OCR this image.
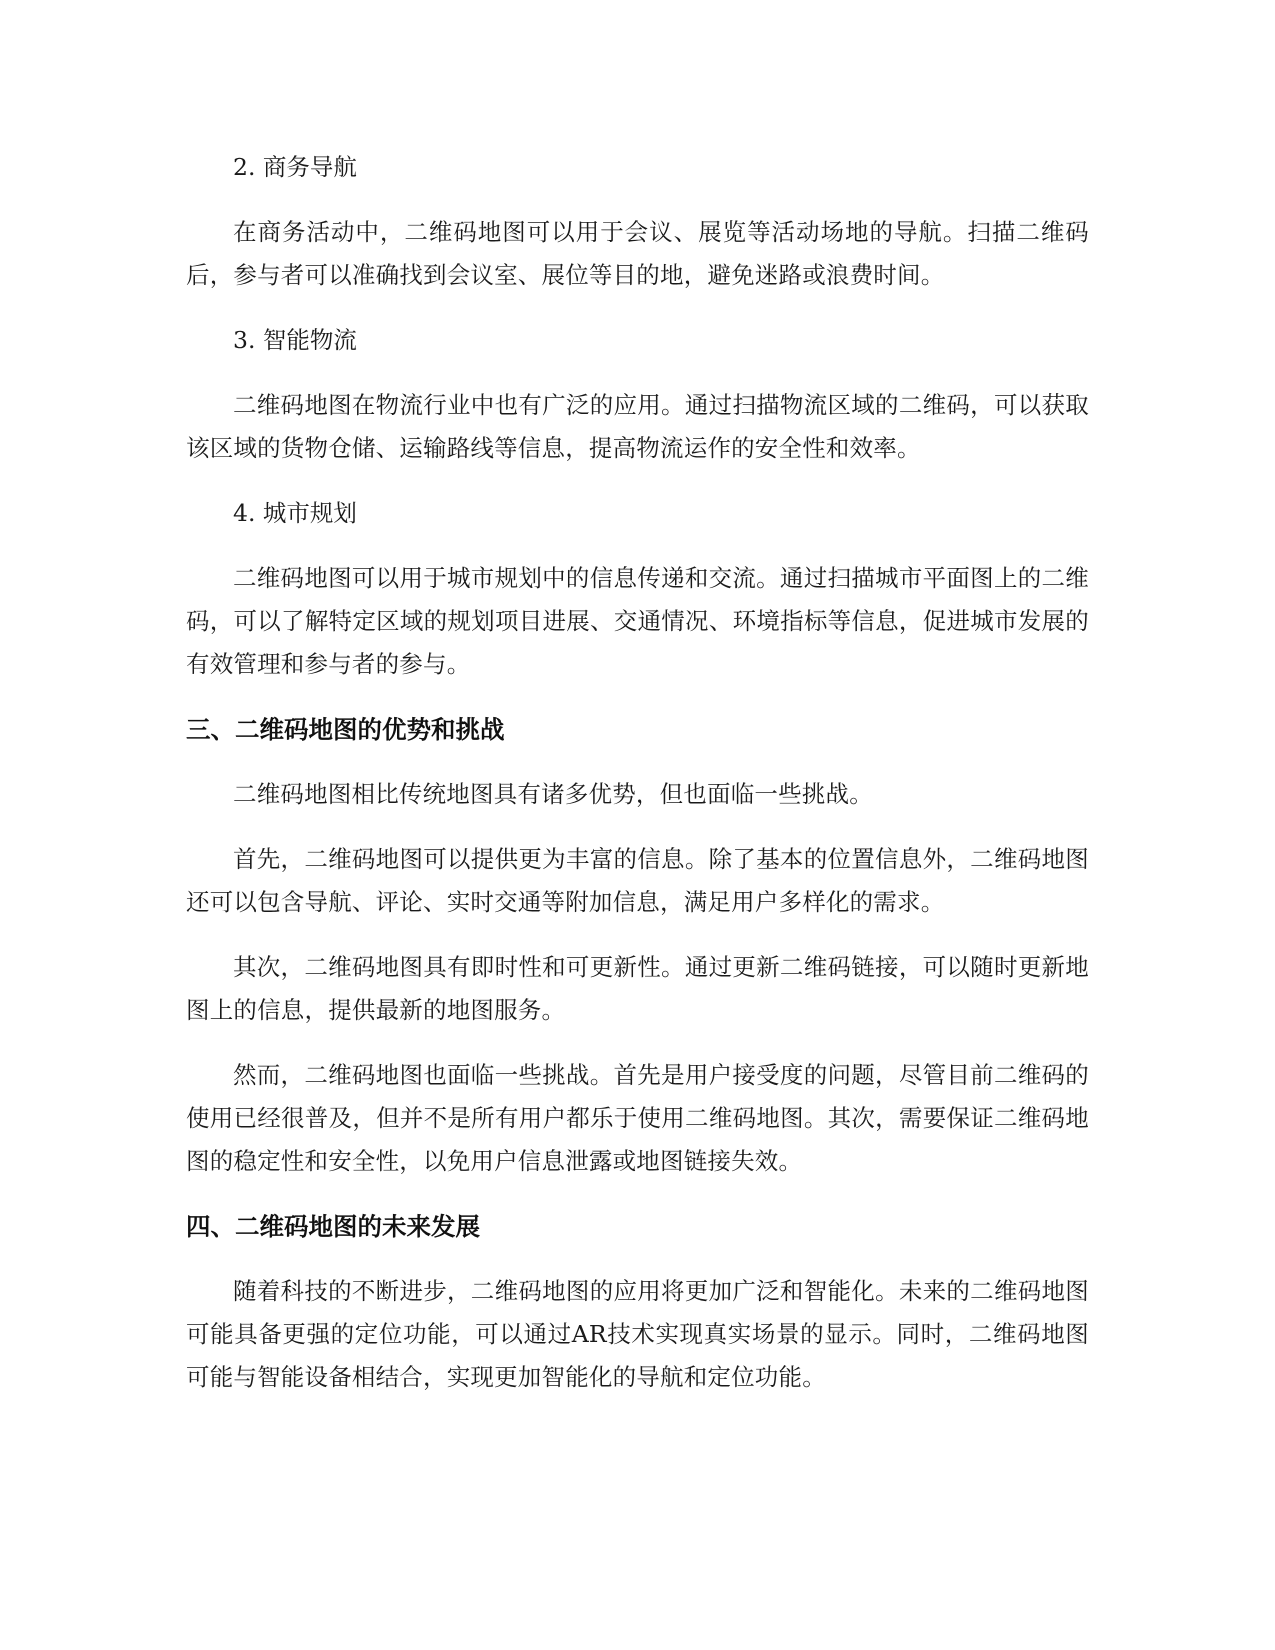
2. 商务导航

在商务活动中，二维码地图可以用于会议、展览等活动场地的导航。扫描二维码后，参与者可以准确找到会议室、展位等目的地，避免迷路或浪费时间。

3. 智能物流

二维码地图在物流行业中也有广泛的应用。通过扫描物流区域的二维码，可以获取该区域的货物仓储、运输路线等信息，提高物流运作的安全性和效率。

4. 城市规划

二维码地图可以用于城市规划中的信息传递和交流。通过扫描城市平面图上的二维码，可以了解特定区域的规划项目进展、交通情况、环境指标等信息，促进城市发展的有效管理和参与者的参与。

三、二维码地图的优势和挑战

二维码地图相比传统地图具有诸多优势，但也面临一些挑战。

首先，二维码地图可以提供更为丰富的信息。除了基本的位置信息外，二维码地图还可以包含导航、评论、实时交通等附加信息，满足用户多样化的需求。

其次，二维码地图具有即时性和可更新性。通过更新二维码链接，可以随时更新地图上的信息，提供最新的地图服务。

然而，二维码地图也面临一些挑战。首先是用户接受度的问题，尽管目前二维码的使用已经很普及，但并不是所有用户都乐于使用二维码地图。其次，需要保证二维码地图的稳定性和安全性，以免用户信息泄露或地图链接失效。

四、二维码地图的未来发展

随着科技的不断进步，二维码地图的应用将更加广泛和智能化。未来的二维码地图可能具备更强的定位功能，可以通过AR技术实现真实场景的显示。同时，二维码地图可能与智能设备相结合，实现更加智能化的导航和定位功能。
